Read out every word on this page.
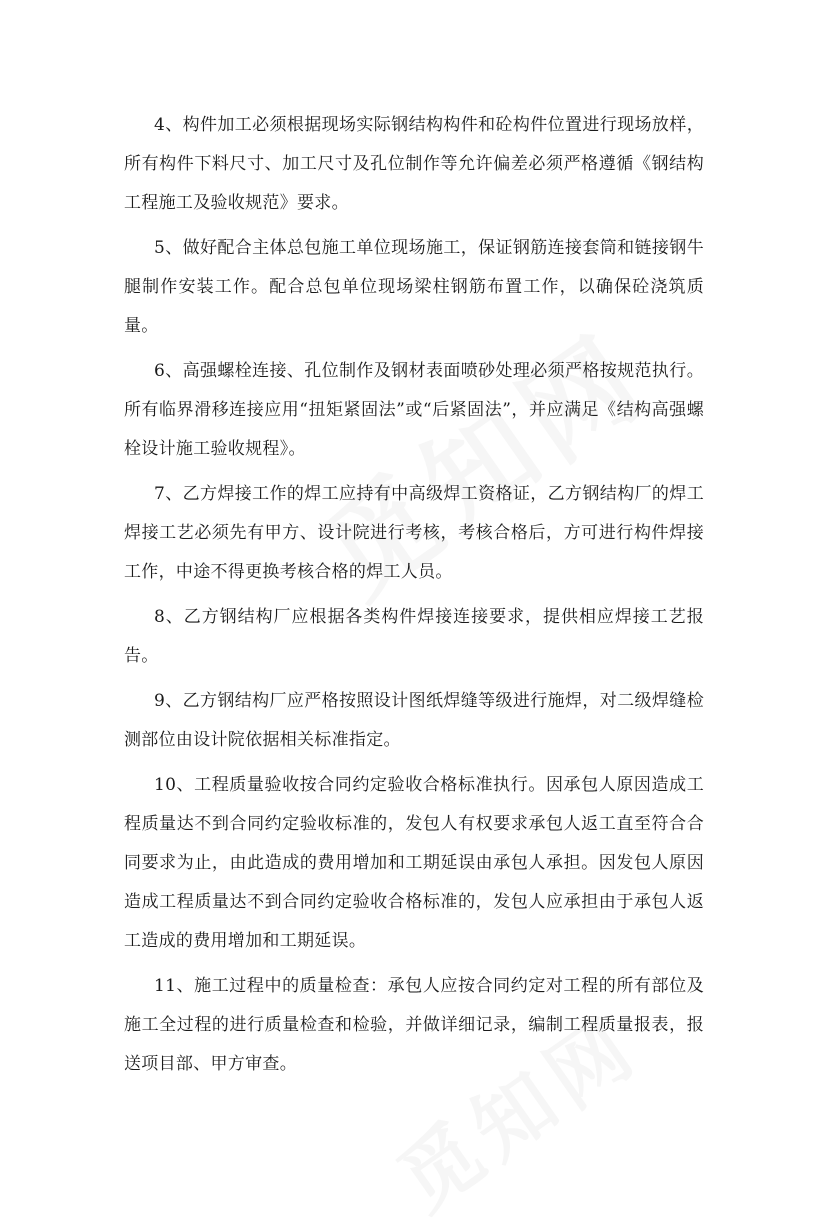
4、构件加工必须根据现场实际钢结构构件和砼构件位置进行现场放样，所有构件下料尺寸、加工尺寸及孔位制作等允许偏差必须严格遵循《钢结构工程施工及验收规范》要求。

5、做好配合主体总包施工单位现场施工，保证钢筋连接套筒和链接钢牛腿制作安装工作。配合总包单位现场梁柱钢筋布置工作，以确保砼浇筑质量。

6、高强螺栓连接、孔位制作及钢材表面喷砂处理必须严格按规范执行。所有临界滑移连接应用“扭矩紧固法”或“后紧固法”，并应满足《结构高强螺栓设计施工验收规程》。

7、乙方焊接工作的焊工应持有中高级焊工资格证，乙方钢结构厂的焊工焊接工艺必须先有甲方、设计院进行考核，考核合格后，方可进行构件焊接工作，中途不得更换考核合格的焊工人员。

8、乙方钢结构厂应根据各类构件焊接连接要求，提供相应焊接工艺报告。

9、乙方钢结构厂应严格按照设计图纸焊缝等级进行施焊，对二级焊缝检测部位由设计院依据相关标准指定。

10、工程质量验收按合同约定验收合格标准执行。因承包人原因造成工程质量达不到合同约定验收标准的，发包人有权要求承包人返工直至符合合同要求为止，由此造成的费用增加和工期延误由承包人承担。因发包人原因造成工程质量达不到合同约定验收合格标准的，发包人应承担由于承包人返工造成的费用增加和工期延误。

11、施工过程中的质量检查：承包人应按合同约定对工程的所有部位及施工全过程的进行质量检查和检验，并做详细记录，编制工程质量报表，报送项目部、甲方审查。
